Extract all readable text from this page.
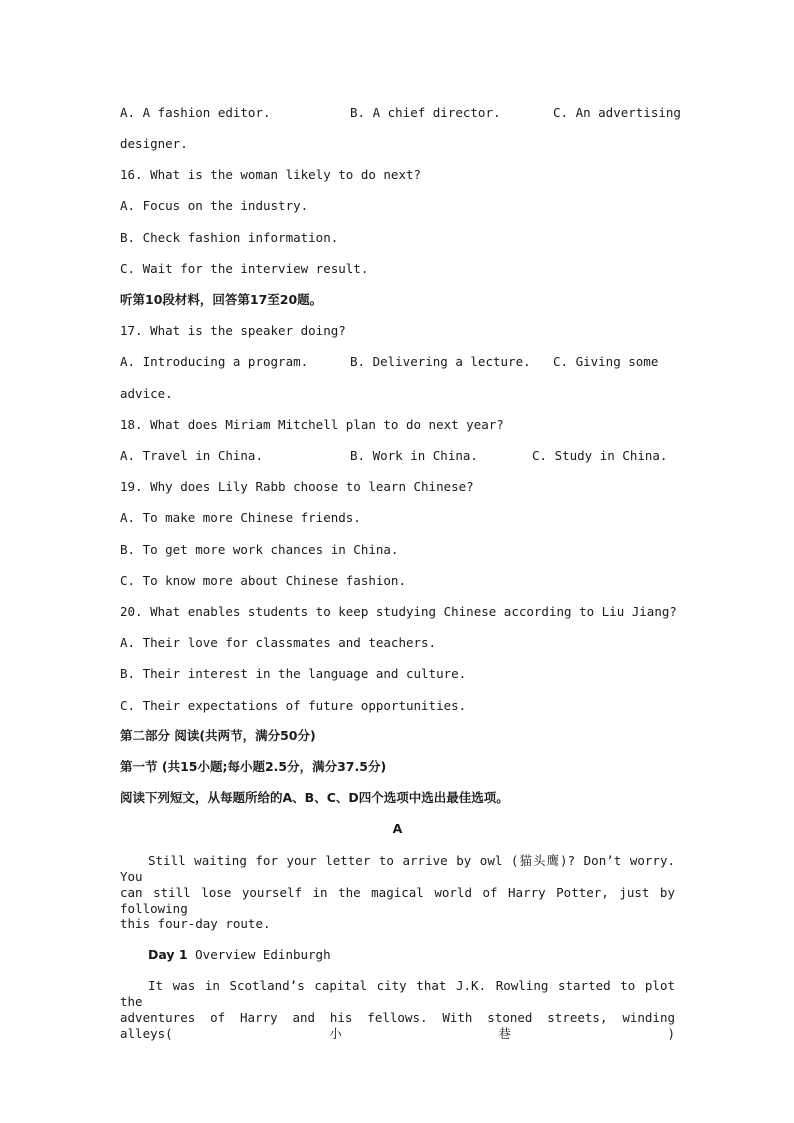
A. A fashion editor.	B. A chief director.	C. An advertising
designer.
16. What is the woman likely to do next?
A. Focus on the industry.
B. Check fashion information.
C. Wait for the interview result.
听第10段材料，回答第17至20题。
17. What is the speaker doing?
A. Introducing a program.	B. Delivering a lecture. C. Giving some
advice.
18. What does Miriam Mitchell plan to do next year?
A. Travel in China.	B. Work in China.	C. Study in China.
19. Why does Lily Rabb choose to learn Chinese?
A. To make more Chinese friends.
B. To get more work chances in China.
C. To know more about Chinese fashion.
20. What enables students to keep studying Chinese according to Liu Jiang?
A. Their love for classmates and teachers.
B. Their interest in the language and culture.
C. Their expectations of future opportunities.
第二部分 阅读(共两节，满分50分)
第一节 (共15小题;每小题2.5分，满分37.5分)
阅读下列短文，从每题所给的A、B、C、D四个选项中选出最佳选项。
A
Still waiting for your letter to arrive by owl (猫头鹰)? Don’t worry. You
can still lose yourself in the magical world of Harry Potter, just by following
this four-day route.
Day 1 Overview Edinburgh
It was in Scotland’s capital city that J.K. Rowling started to plot the
adventures of Harry and his fellows. With stoned streets, winding alleys(小巷)
